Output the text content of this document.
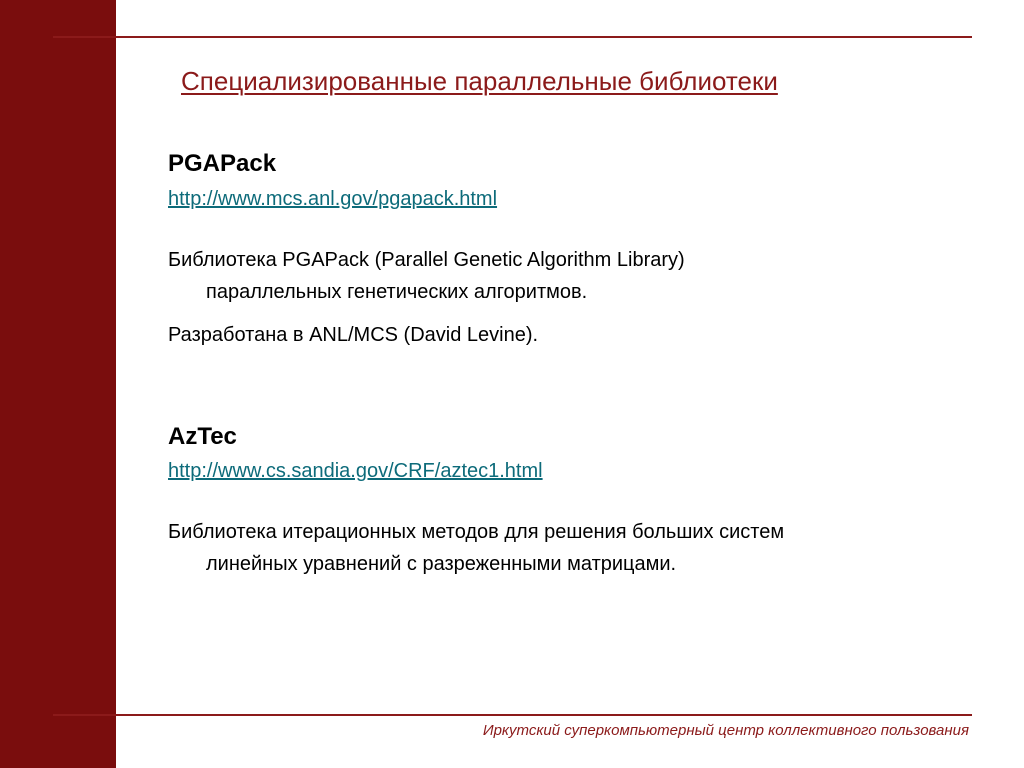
Специализированные параллельные библиотеки
PGAPack
http://www.mcs.anl.gov/pgapack.html
Библиотека PGAPack (Parallel Genetic Algorithm Library)
параллельных генетических алгоритмов.
Разработана в ANL/MCS (David Levine).
AzTec
http://www.cs.sandia.gov/CRF/aztec1.html
Библиотека итерационных методов для решения больших систем
линейных уравнений с разреженными матрицами.
Иркутский суперкомпьютерный центр коллективного пользования
